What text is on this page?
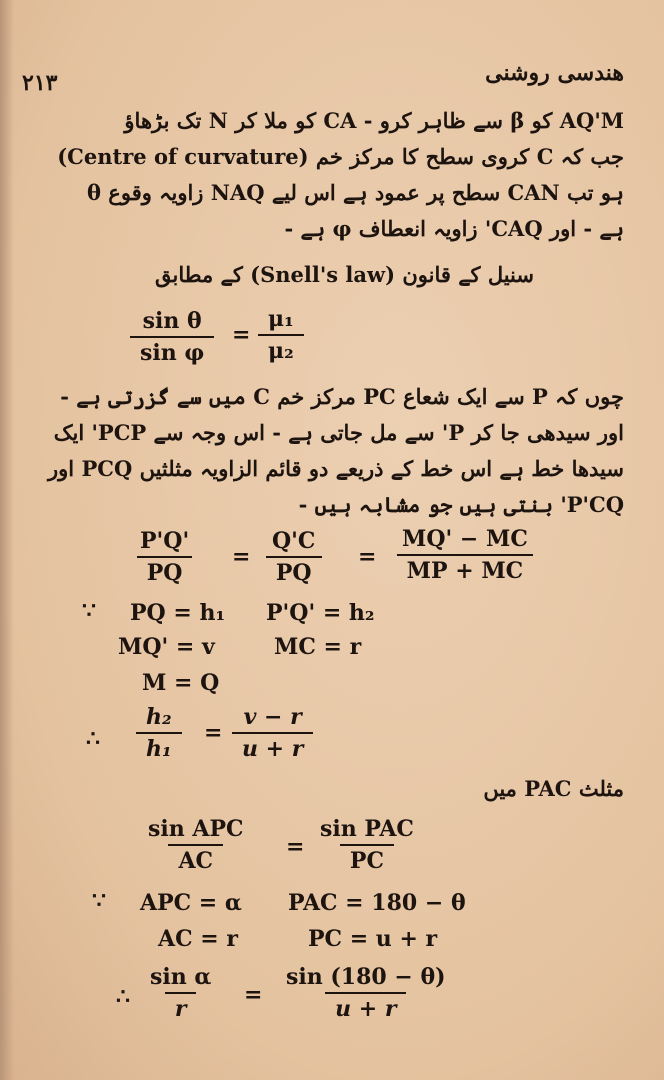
۲۱۳	هندسی روشنی
AQ'M کو β سے ظاہر کرو - CA کو ملا کر N تک بڑھاؤ
جب کہ C کروی سطح کا مرکز خم (Centre of curvature)
ہو تب CAN سطح پر عمود ہے اس لیے NAQ زاویہ وقوع θ
ہے - اور CAQ' زاویہ انعطاف φ ہے -
سنیل کے قانون (Snell's law) کے مطابق
$\frac{\text{sin θ}}{\text{sin φ}} = \frac{\text{μ₁}}{\text{μ₂}}$
چوں کہ P سے ایک شعاع PC مرکز خم C میں سے گزرتی ہے -
اور سیدھی جا کر P' سے مل جاتی ہے - اس وجہ سے PCP' ایک
سیدھا خط ہے اس خط کے ذریعے دو قائم الزاویہ مثلثیں PCQ اور
P'CQ' بنتی ہیں جو مشابہ ہیں -
$\frac{P'Q'}{PQ} = \frac{Q'C}{PQ} = \frac{MQ' - MC}{MP + MC}$
∵ PQ = h₁ P'Q' = h₂
MQ' = v	MC = r
M = Q
∴ $\frac{\text{h₂}}{\text{h₁}} = \frac{v - r}{u + r}$
مثلث PAC میں
sin APC
AC
=
sin PAC
PC
∵ APC = α PAC = 180 − θ
AC = r	PC = u + r
∴ $\frac{\text{sin α}}{r} = \frac{\sin (180 - \theta)}{u + r}$
